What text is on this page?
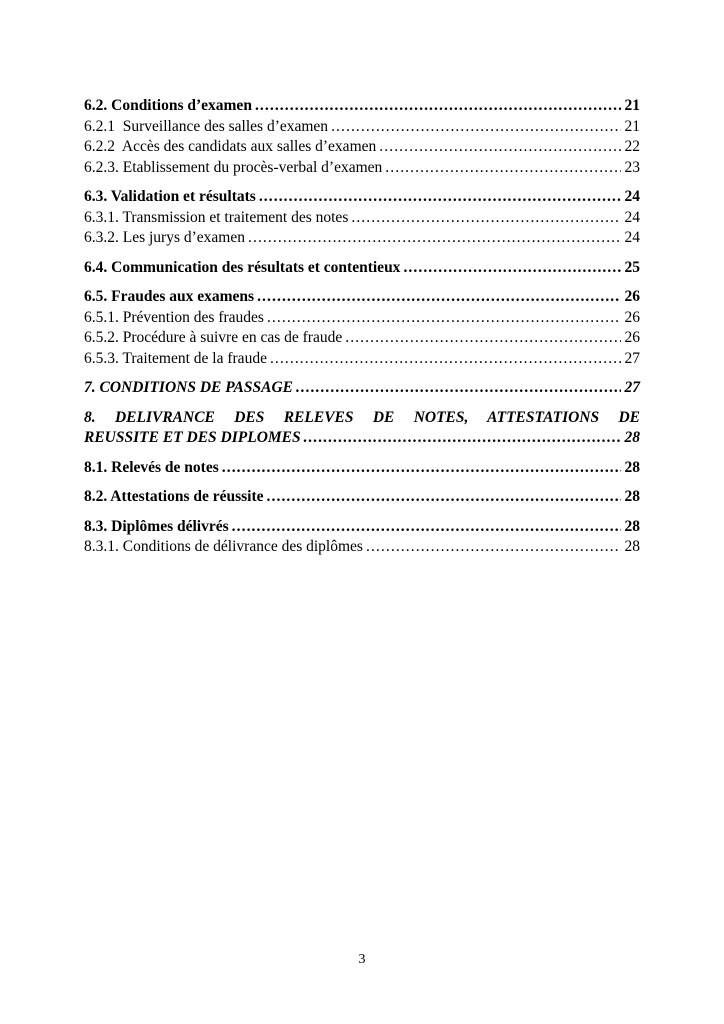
6.2. Conditions d’examen .....	21
6.2.1  Surveillance des salles d’examen .....	21
6.2.2  Accès des candidats aux salles d’examen .....	22
6.2.3. Etablissement du procès-verbal d’examen .....	23
6.3. Validation et résultats .....	24
6.3.1. Transmission et traitement des notes .....	24
6.3.2. Les jurys d’examen .....	24
6.4. Communication des résultats et contentieux .....	25
6.5. Fraudes aux examens .....	26
6.5.1. Prévention des fraudes .....	26
6.5.2. Procédure à suivre en cas de fraude .....	26
6.5.3. Traitement de la fraude .....	27
7. CONDITIONS DE PASSAGE .....	27
8. DELIVRANCE DES RELEVES DE NOTES, ATTESTATIONS DE
REUSSITE ET DES DIPLOMES .....	28
8.1. Relevés de notes .....	28
8.2. Attestations de réussite .....	28
8.3. Diplômes délivrés .....	28
8.3.1. Conditions de délivrance des diplômes .....	28
3
